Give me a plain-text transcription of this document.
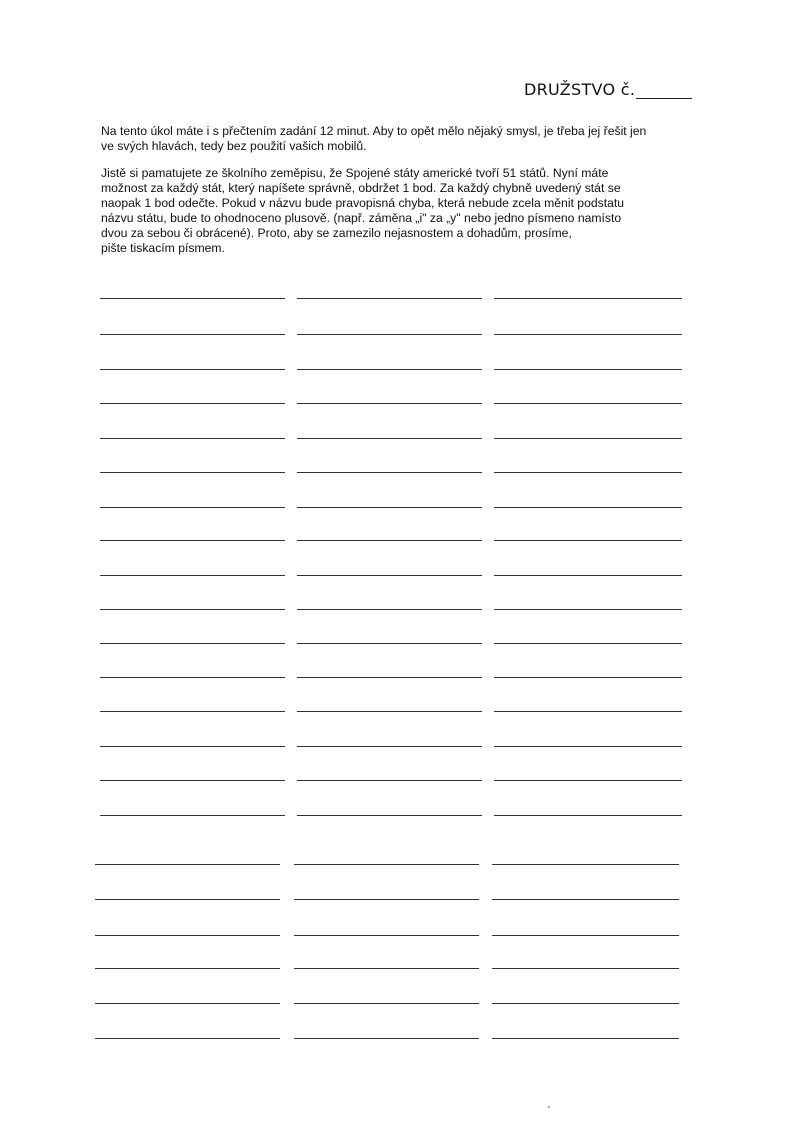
DRUŽSTVO č.

Na tento úkol máte i s přečtením zadání 12 minut. Aby to opět mělo nějaký smysl, je třeba jej řešit jen
ve svých hlavách, tedy bez použití vašich mobilů.

Jistě si pamatujete ze školního zeměpisu, že Spojené státy americké tvoří 51 států. Nyní máte
možnost za každý stát, který napíšete správně, obdržet 1 bod. Za každý chybně uvedený stát se
naopak 1 bod odečte. Pokud v názvu bude pravopisná chyba, která nebude zcela měnit podstatu
názvu státu, bude to ohodnoceno plusově. (např. záměna „i" za „y" nebo jedno písmeno namísto
dvou za sebou či obrácené). Proto, aby se zamezilo nejasnostem a dohadům, prosíme,
pište tiskacím písmem.
